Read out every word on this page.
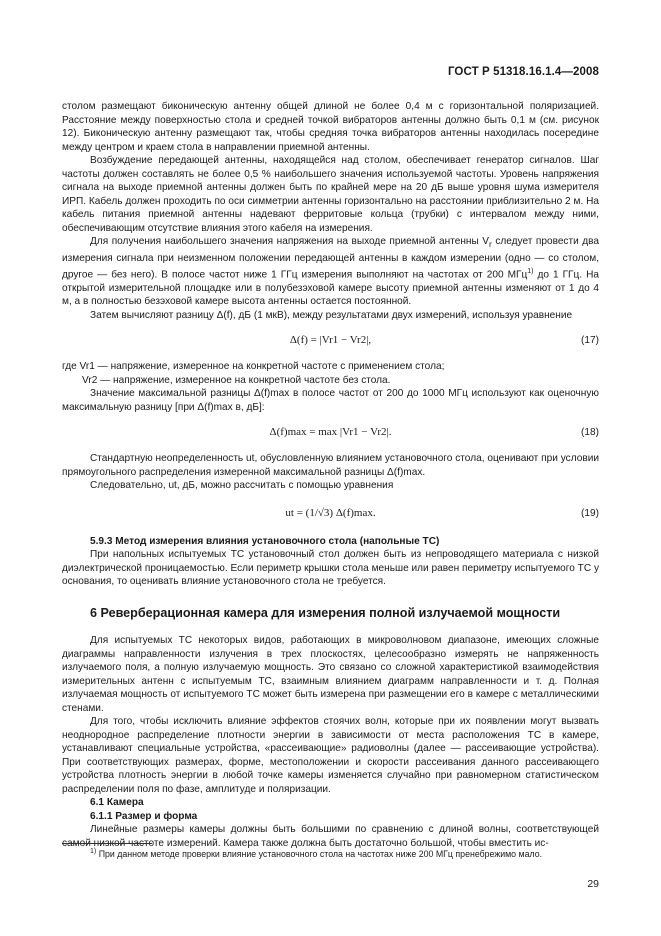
ГОСТ Р 51318.16.1.4—2008

столом размещают биконическую антенну общей длиной не более 0,4 м с горизонтальной поляризацией. Расстояние между поверхностью стола и средней точкой вибраторов антенны должно быть 0,1 м (см. рисунок 12). Биконическую антенну размещают так, чтобы средняя точка вибраторов антенны находилась посередине между центром и краем стола в направлении приемной антенны.

Возбуждение передающей антенны, находящейся над столом, обеспечивает генератор сигналов. Шаг частоты должен составлять не более 0,5 % наибольшего значения используемой частоты. Уровень напряжения сигнала на выходе приемной антенны должен быть по крайней мере на 20 дБ выше уровня шума измерителя ИРП. Кабель должен проходить по оси симметрии антенны горизонтально на расстоянии приблизительно 2 м. На кабель питания приемной антенны надевают ферритовые кольца (трубки) с интервалом между ними, обеспечивающим отсутствие влияния этого кабеля на измерения.

Для получения наибольшего значения напряжения на выходе приемной антенны $V_r$ следует провести два измерения сигнала при неизменном положении передающей антенны в каждом измерении (одно — со столом, другое — без него). В полосе частот ниже 1 ГГц измерения выполняют на частотах от 200 МГц$^{1)}$ до 1 ГГц. На открытой измерительной площадке или в полубезэховой камере высоту приемной антенны изменяют от 1 до 4 м, а в полностью безэховой камере высота антенны остается постоянной.

Затем вычисляют разницу Δ(f), дБ (1 мкВ), между результатами двух измерений, используя уравнение

Δ(f) = |Vr1 − Vr2|,	(17)

где Vr1 — напряжение, измеренное на конкретной частоте с применением стола;

Vr2 — напряжение, измеренное на конкретной частоте без стола.

Значение максимальной разницы Δ(f)max в полосе частот от 200 до 1000 МГц используют как оценочную максимальную разницу [при Δ(f)max в, дБ]:

Δ(f)max = max |Vr1 − Vr2|.	(18)

Стандартную неопределенность ut, обусловленную влиянием установочного стола, оценивают при условии прямоугольного распределения измеренной максимальной разницы Δ(f)max.

Следовательно, ut, дБ, можно рассчитать с помощью уравнения

ut = (1/√3) Δ(f)max.	(19)

5.9.3 Метод измерения влияния установочного стола (напольные ТС)

При напольных испытуемых ТС установочный стол должен быть из непроводящего материала с низкой диэлектрической проницаемостью. Если периметр крышки стола меньше или равен периметру испытуемого ТС у основания, то оценивать влияние установочного стола не требуется.

6 Реверберационная камера для измерения полной излучаемой мощности

Для испытуемых ТС некоторых видов, работающих в микроволновом диапазоне, имеющих сложные диаграммы направленности излучения в трех плоскостях, целесообразно измерять не напряженность излучаемого поля, а полную излучаемую мощность. Это связано со сложной характеристикой взаимодействия измерительных антенн с испытуемым ТС, взаимным влиянием диаграмм направленности и т. д. Полная излучаемая мощность от испытуемого ТС может быть измерена при размещении его в камере с металлическими стенами.

Для того, чтобы исключить влияние эффектов стоячих волн, которые при их появлении могут вызвать неоднородное распределение плотности энергии в зависимости от места расположения ТС в камере, устанавливают специальные устройства, «рассеивающие» радиоволны (далее — рассеивающие устройства). При соответствующих размерах, форме, местоположении и скорости рассеивания данного рассеивающего устройства плотность энергии в любой точке камеры изменяется случайно при равномерном статистическом распределении поля по фазе, амплитуде и поляризации.

6.1 Камера

6.1.1 Размер и форма

Линейные размеры камеры должны быть большими по сравнению с длиной волны, соответствующей самой низкой частоте измерений. Камера также должна быть достаточно большой, чтобы вместить ис-

$^{1)}$ При данном методе проверки влияние установочного стола на частотах ниже 200 МГц пренебрежимо мало.
29
